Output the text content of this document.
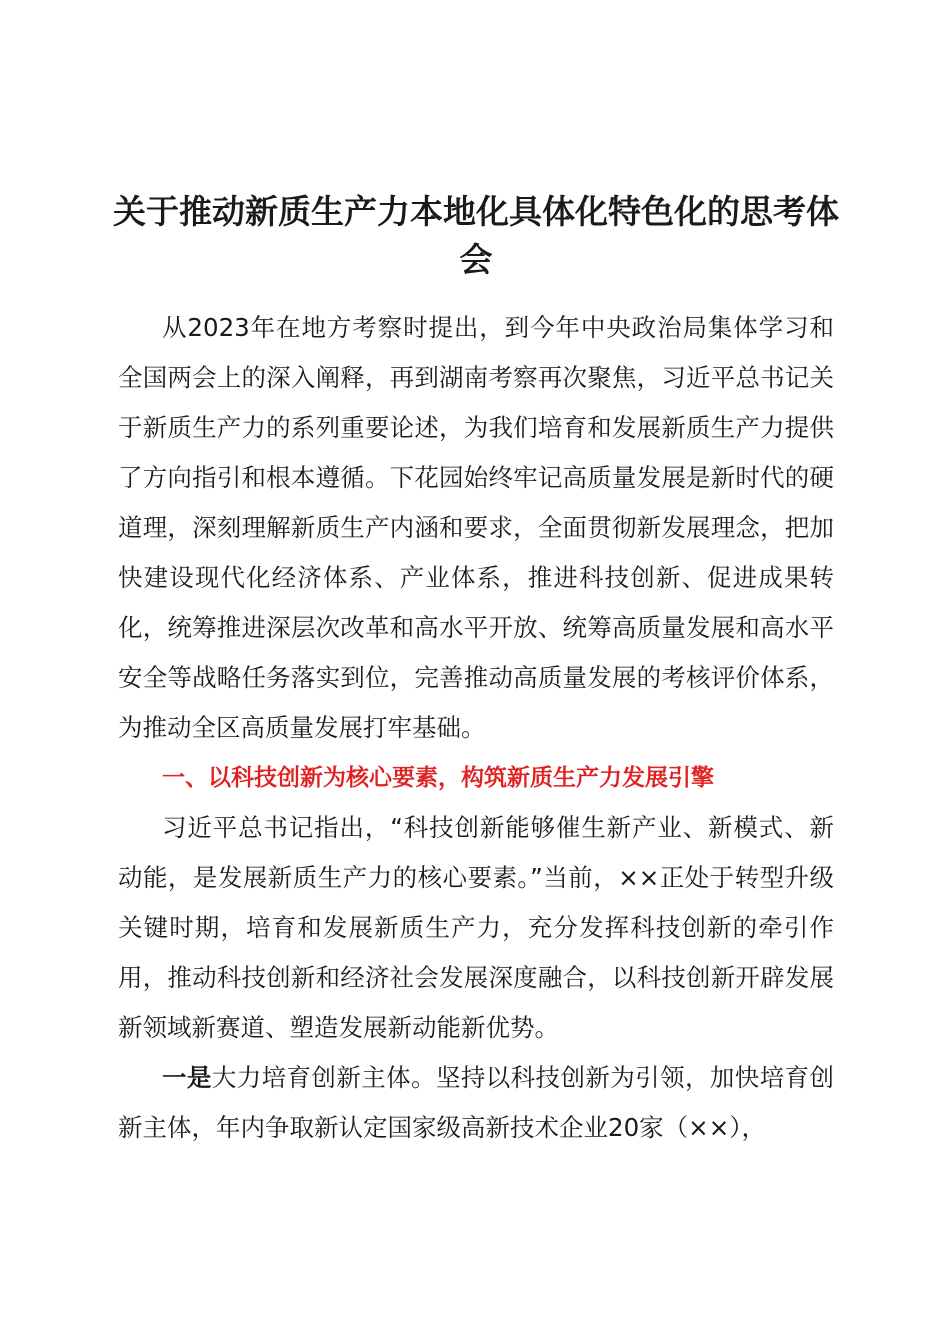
关于推动新质生产力本地化具体化特色化的思考体会

从2023年在地方考察时提出，到今年中央政治局集体学习和全国两会上的深入阐释，再到湖南考察再次聚焦，习近平总书记关于新质生产力的系列重要论述，为我们培育和发展新质生产力提供了方向指引和根本遵循。下花园始终牢记高质量发展是新时代的硬道理，深刻理解新质生产内涵和要求，全面贯彻新发展理念，把加快建设现代化经济体系、产业体系，推进科技创新、促进成果转化，统筹推进深层次改革和高水平开放、统筹高质量发展和高水平安全等战略任务落实到位，完善推动高质量发展的考核评价体系，为推动全区高质量发展打牢基础。

一、以科技创新为核心要素，构筑新质生产力发展引擎

习近平总书记指出，“科技创新能够催生新产业、新模式、新动能，是发展新质生产力的核心要素。”当前，××正处于转型升级关键时期，培育和发展新质生产力，充分发挥科技创新的牵引作用，推动科技创新和经济社会发展深度融合，以科技创新开辟发展新领域新赛道、塑造发展新动能新优势。

一是大力培育创新主体。坚持以科技创新为引领，加快培育创新主体，年内争取新认定国家级高新技术企业20家（××），
